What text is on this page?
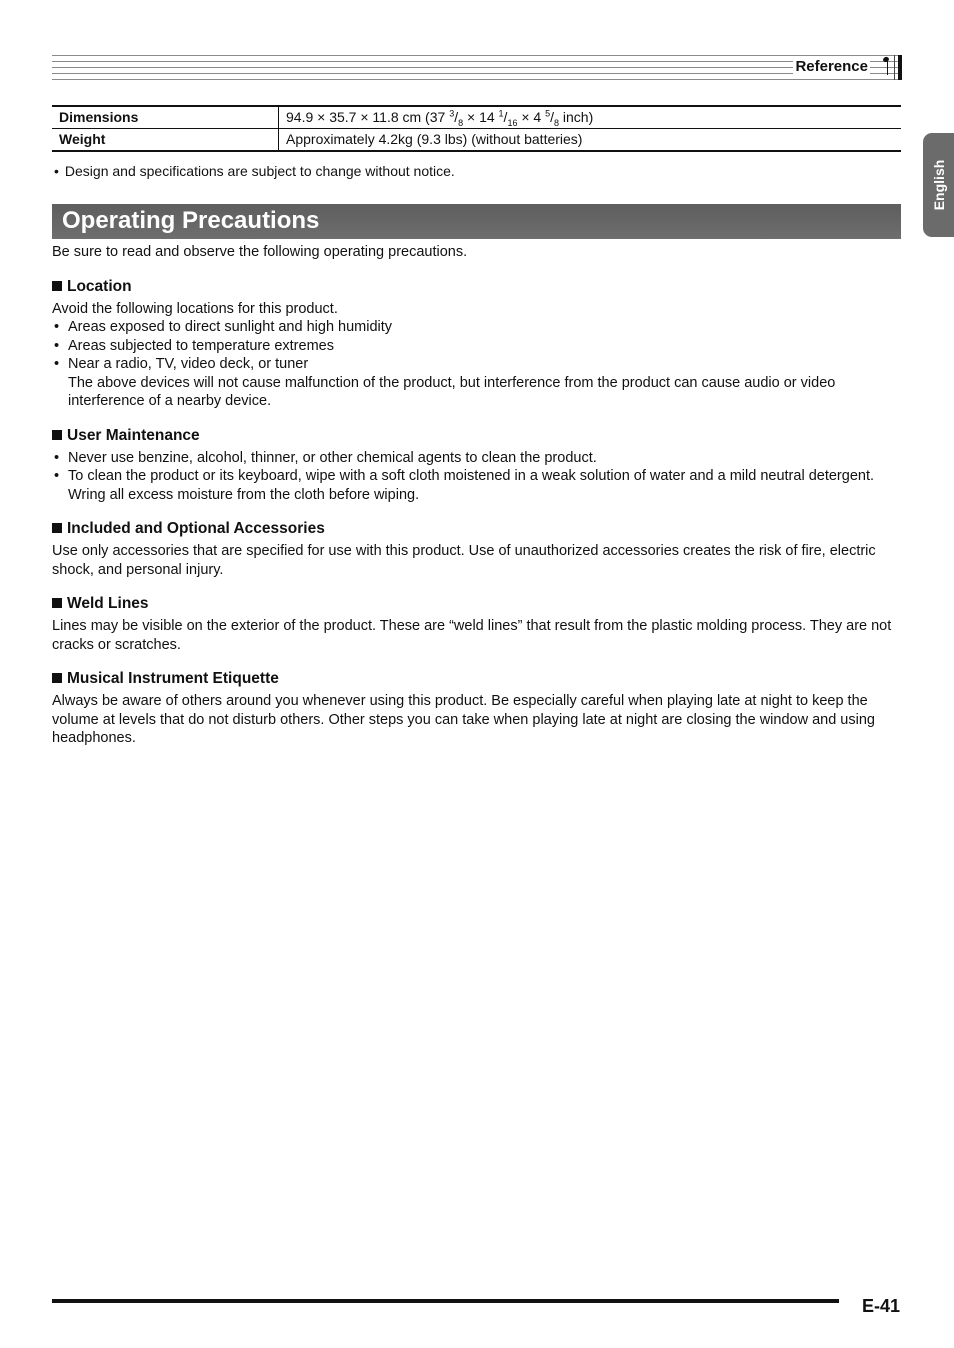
Reference
English
Dimensions	94.9 × 35.7 × 11.8 cm (37 $^3/_8 \times 14$ $^1/_{16} \times 4$ $^5/_8$ inch)
Weight	Approximately 4.2kg (9.3 lbs) (without batteries)
• Design and specifications are subject to change without notice.
Operating Precautions

Be sure to read and observe the following operating precautions.

Location

Avoid the following locations for this product.

• Areas exposed to direct sunlight and high humidity
• Areas subjected to temperature extremes
• Near a radio, TV, video deck, or tuner
The above devices will not cause malfunction of the product, but interference from the product can cause audio or video interference of a nearby device.
User Maintenance
• Never use benzine, alcohol, thinner, or other chemical agents to clean the product.
• To clean the product or its keyboard, wipe with a soft cloth moistened in a weak solution of water and a mild neutral detergent. Wring all excess moisture from the cloth before wiping.
Included and Optional Accessories

Use only accessories that are specified for use with this product. Use of unauthorized accessories creates the risk of fire, electric shock, and personal injury.

Weld Lines

Lines may be visible on the exterior of the product. These are “weld lines” that result from the plastic molding process. They are not cracks or scratches.

Musical Instrument Etiquette

Always be aware of others around you whenever using this product. Be especially careful when playing late at night to keep the volume at levels that do not disturb others. Other steps you can take when playing late at night are closing the window and using headphones.

E-41
